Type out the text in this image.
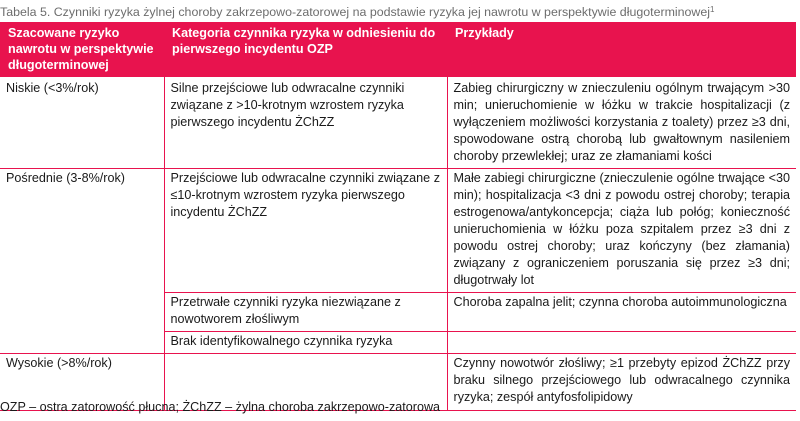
Tabela 5. Czynniki ryzyka żylnej choroby zakrzepowo-zatorowej na podstawie ryzyka jej nawrotu w perspektywie długoterminowej$^1$
Szacowane ryzyko nawrotu w perspektywie długoterminowej	Kategoria czynnika ryzyka w odniesieniu do pierwszego incydentu OZP	Przykłady
Niskie (<3%/rok)	Silne przejściowe lub odwracalne czynniki związane z >10-krotnym wzrostem ryzyka pierwszego incydentu ŻChZZ	Zabieg chirurgiczny w znieczuleniu ogólnym trwającym >30 min; unieruchomienie w łóżku w trakcie hospitalizacji (z wyłączeniem możliwości korzystania z toalety) przez ≥3 dni, spowodowane ostrą chorobą lub gwałtownym nasileniem choroby przewlekłej; uraz ze złamaniami kości
Pośrednie (3-8%/rok)	Przejściowe lub odwracalne czynniki związane z ≤10-krotnym wzrostem ryzyka pierwszego incydentu ŻChZZ	Małe zabiegi chirurgiczne (znieczulenie ogólne trwające <30 min); hospitalizacja <3 dni z powodu ostrej choroby; terapia estrogenowa/antykoncepcja; ciąża lub połóg; konieczność unieruchomienia w łóżku poza szpitalem przez ≥3 dni z powodu ostrej choroby; uraz kończyny (bez złamania) związany z ograniczeniem poruszania się przez ≥3 dni; długotrwały lot
	Przetrwałe czynniki ryzyka niezwiązane z nowotworem złośliwym	Choroba zapalna jelit; czynna choroba autoimmunologiczna
	Brak identyfikowalnego czynnika ryzyka	
Wysokie (>8%/rok)		Czynny nowotwór złośliwy; ≥1 przebyty epizod ŻChZZ przy braku silnego przejściowego lub odwracalnego czynnika ryzyka; zespół antyfosfolipidowy
OZP – ostra zatorowość płucna; ŻChZZ – żylna choroba zakrzepowo-zatorowa
